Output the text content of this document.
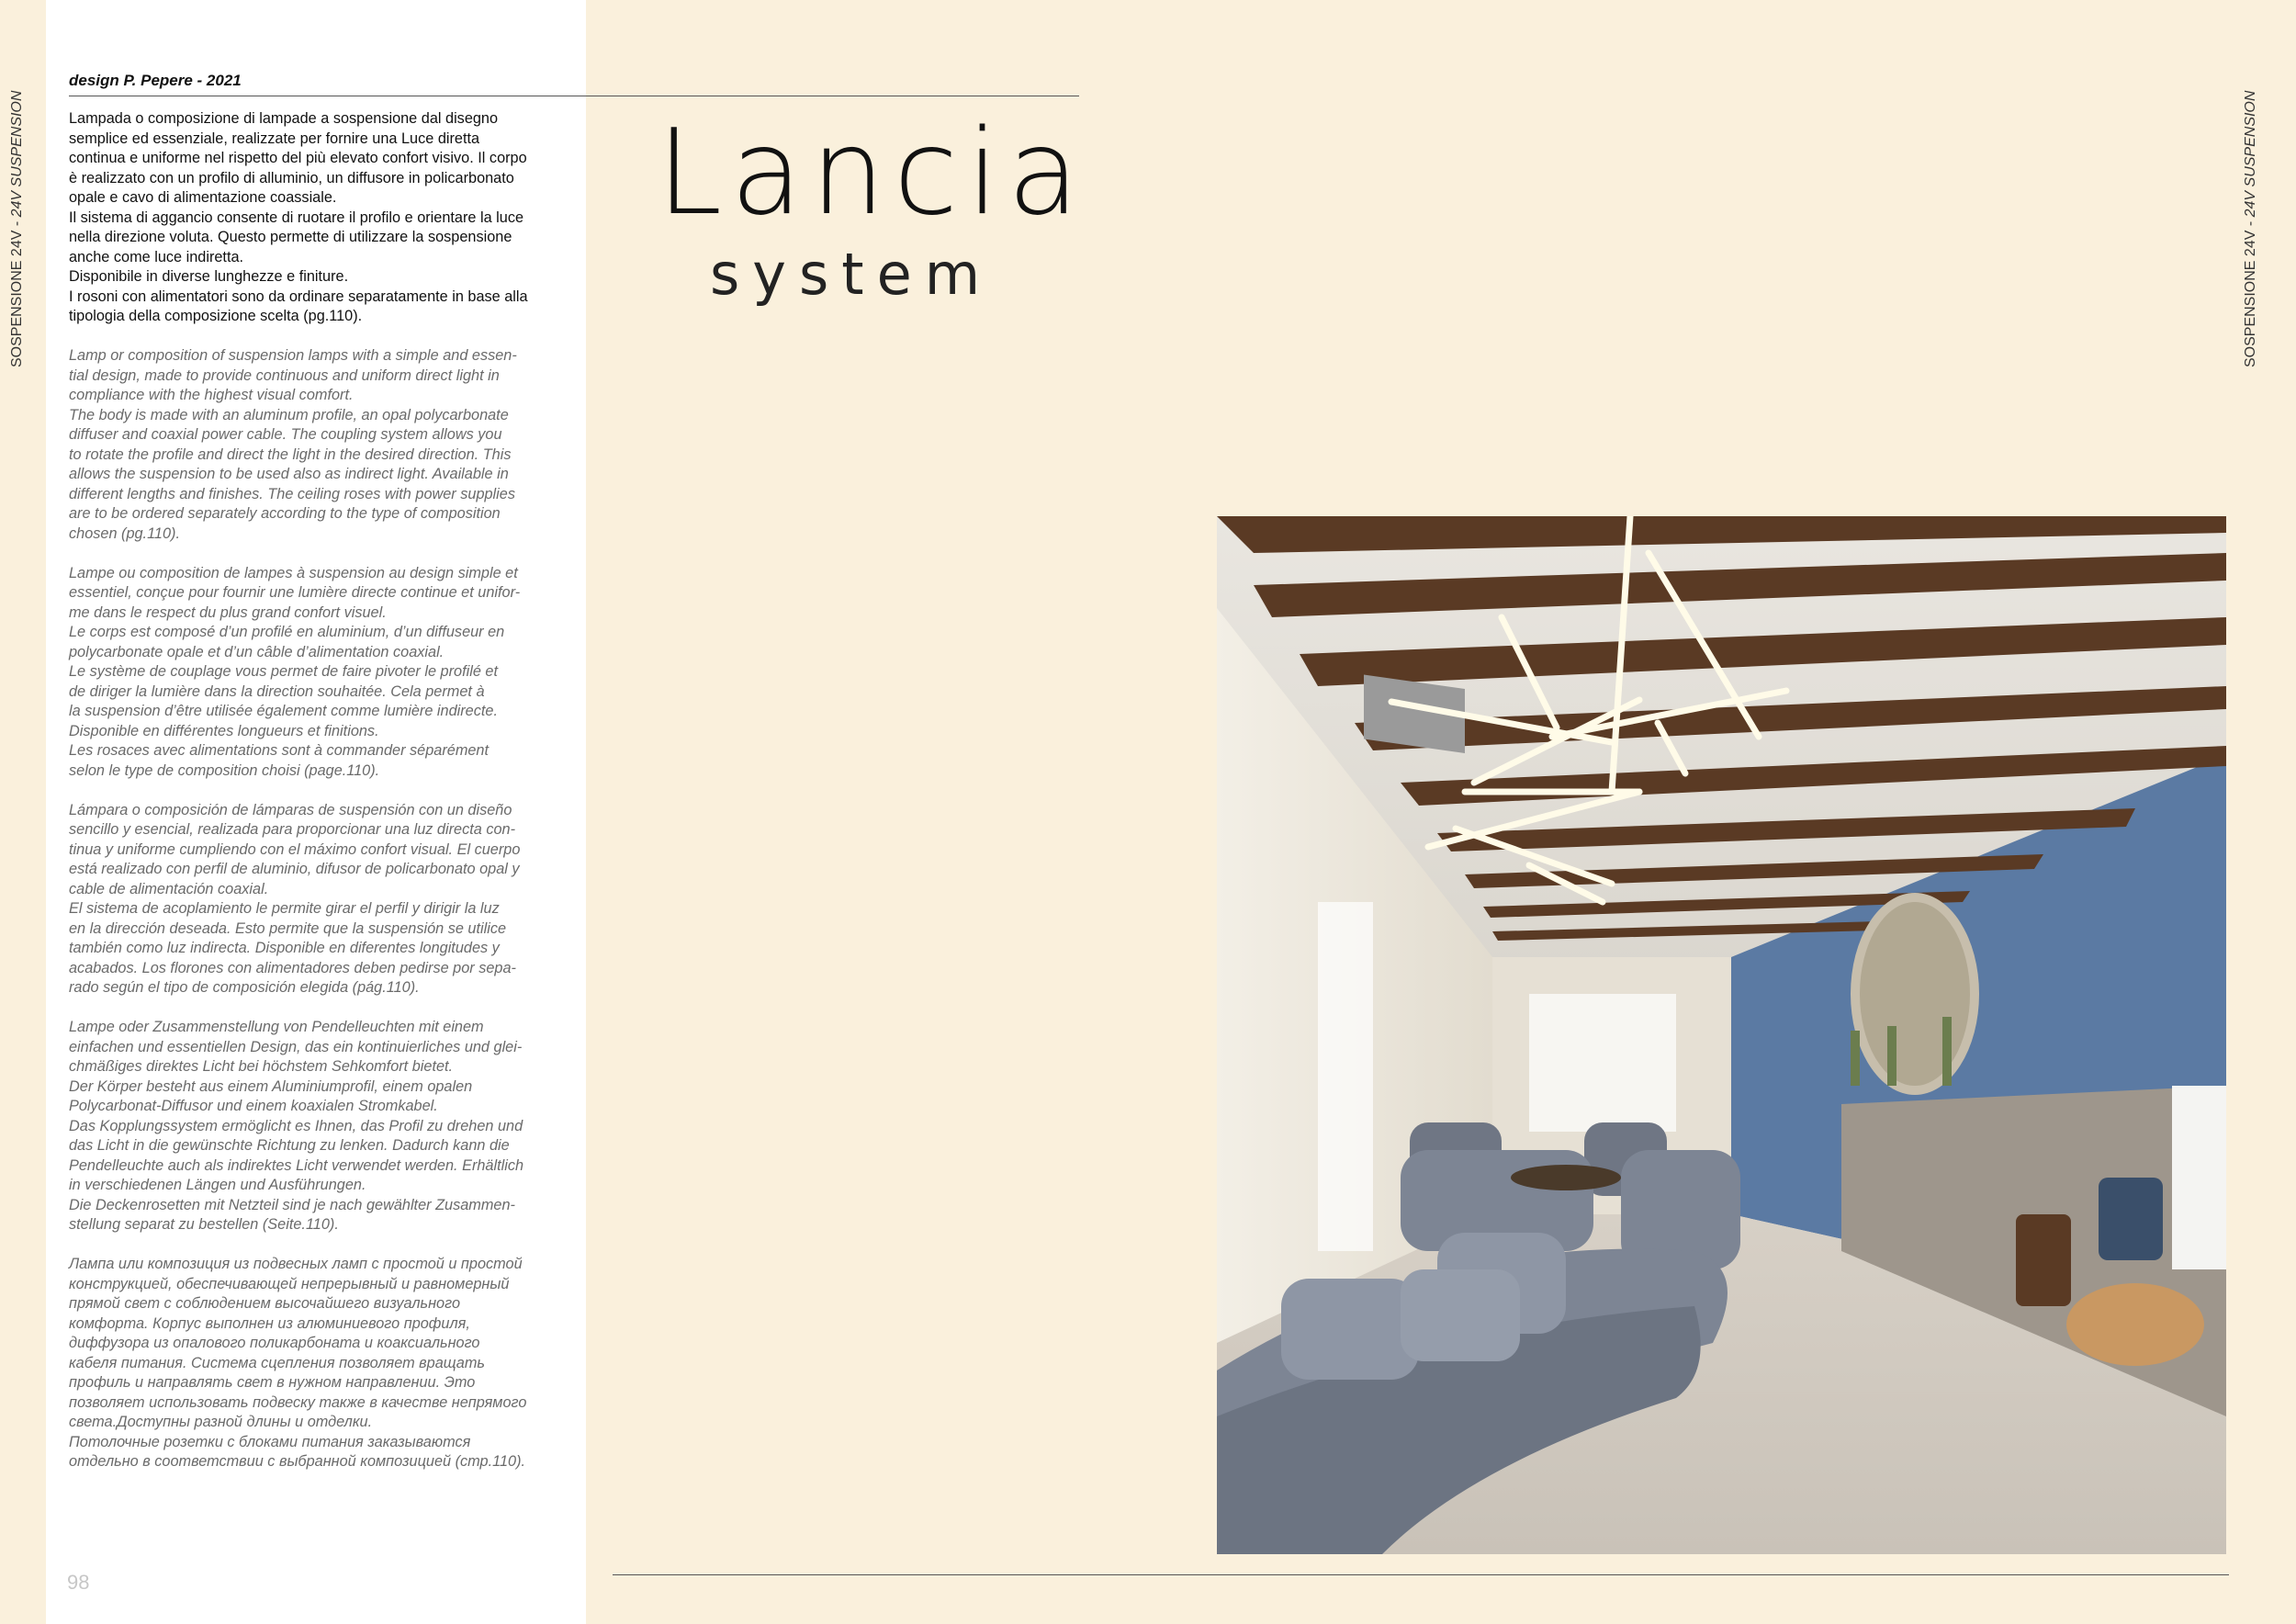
SOSPENSIONE 24V - 24V SUSPENSION
SOSPENSIONE 24V - 24V SUSPENSION
design P. Pepere - 2021

Lampada o composizione di lampade a sospensione dal disegno

semplice ed essenziale, realizzate per fornire una Luce diretta

continua e uniforme nel rispetto del più elevato confort visivo. Il corpo

è realizzato con un profilo di alluminio, un diffusore in policarbonato

opale e cavo di alimentazione coassiale.

Il sistema di aggancio consente di ruotare il profilo e orientare la luce

nella direzione voluta. Questo permette di utilizzare la sospensione

anche come luce indiretta.

Disponibile in diverse lunghezze e finiture.

I rosoni con alimentatori sono da ordinare separatamente in base alla

tipologia della composizione scelta (pg.110).

Lamp or composition of suspension lamps with a simple and essen-

tial design, made to provide continuous and uniform direct light in

compliance with the highest visual comfort.

The body is made with an aluminum profile, an opal polycarbonate

diffuser and coaxial power cable. The coupling system allows you

to rotate the profile and direct the light in the desired direction. This

allows the suspension to be used also as indirect light. Available in

different lengths and finishes. The ceiling roses with power supplies

are to be ordered separately according to the type of composition

chosen (pg.110).

Lampe ou composition de lampes à suspension au design simple et

essentiel, conçue pour fournir une lumière directe continue et unifor-

me dans le respect du plus grand confort visuel.

Le corps est composé d’un profilé en aluminium, d’un diffuseur en

polycarbonate opale et d’un câble d’alimentation coaxial.

Le système de couplage vous permet de faire pivoter le profilé et

de diriger la lumière dans la direction souhaitée. Cela permet à

la suspension d’être utilisée également comme lumière indirecte.

Disponible en différentes longueurs et finitions.

Les rosaces avec alimentations sont à commander séparément

selon le type de composition choisi (page.110).

Lámpara o composición de lámparas de suspensión con un diseño

sencillo y esencial, realizada para proporcionar una luz directa con-

tinua y uniforme cumpliendo con el máximo confort visual. El cuerpo

está realizado con perfil de aluminio, difusor de policarbonato opal y

cable de alimentación coaxial.

El sistema de acoplamiento le permite girar el perfil y dirigir la luz

en la dirección deseada. Esto permite que la suspensión se utilice

también como luz indirecta. Disponible en diferentes longitudes y

acabados. Los florones con alimentadores deben pedirse por sepa-

rado según el tipo de composición elegida (pág.110).

Lampe oder Zusammenstellung von Pendelleuchten mit einem

einfachen und essentiellen Design, das ein kontinuierliches und glei-

chmäßiges direktes Licht bei höchstem Sehkomfort bietet.

Der Körper besteht aus einem Aluminiumprofil, einem opalen

Polycarbonat-Diffusor und einem koaxialen Stromkabel.

Das Kopplungssystem ermöglicht es Ihnen, das Profil zu drehen und

das Licht in die gewünschte Richtung zu lenken. Dadurch kann die

Pendelleuchte auch als indirektes Licht verwendet werden. Erhältlich

in verschiedenen Längen und Ausführungen.

Die Deckenrosetten mit Netzteil sind je nach gewählter Zusammen-

stellung separat zu bestellen (Seite.110).

Лампа или композиция из подвесных ламп с простой и простой

конструкцией, обеспечивающей непрерывный и равномерный

прямой свет с соблюдением высочайшего визуального

комфорта. Корпус выполнен из алюминиевого профиля,

диффузора из опалового поликарбоната и коаксиального

кабеля питания. Система сцепления позволяет вращать

профиль и направлять свет в нужном направлении. Это

позволяет использовать подвеску также в качестве непрямого

света.Доступны разной длины и отделки.

Потолочные розетки с блоками питания заказываются

отдельно в соответствии с выбранной композицией (стр.110).

98
Lancia
system
